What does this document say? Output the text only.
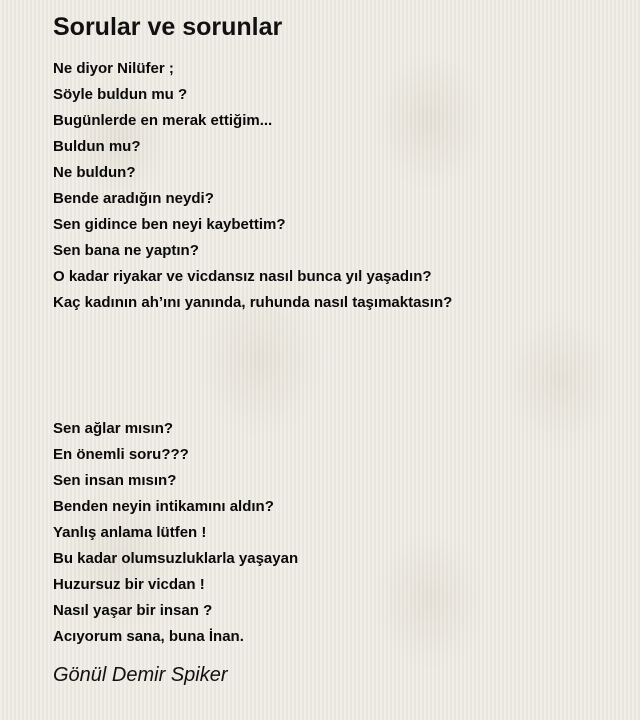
Sorular ve sorunlar
Ne diyor Nilüfer ;
Söyle buldun mu ?
Bugünlerde en merak ettiğim...
Buldun mu?
Ne buldun?
Bende aradığın neydi?
Sen gidince ben neyi kaybettim?
Sen bana ne yaptın?
O kadar riyakar ve vicdansız nasıl bunca yıl yaşadın?
Kaç kadının ah’ını yanında, ruhunda nasıl taşımaktasın?
Sen ağlar mısın?
En önemli soru???
Sen insan mısın?
Benden neyin intikamını aldın?
Yanlış anlama lütfen !
Bu kadar olumsuzluklarla yaşayan
Huzursuz bir vicdan !
Nasıl yaşar bir insan ?
Acıyorum sana, buna İnan.
Gönül Demir Spiker
